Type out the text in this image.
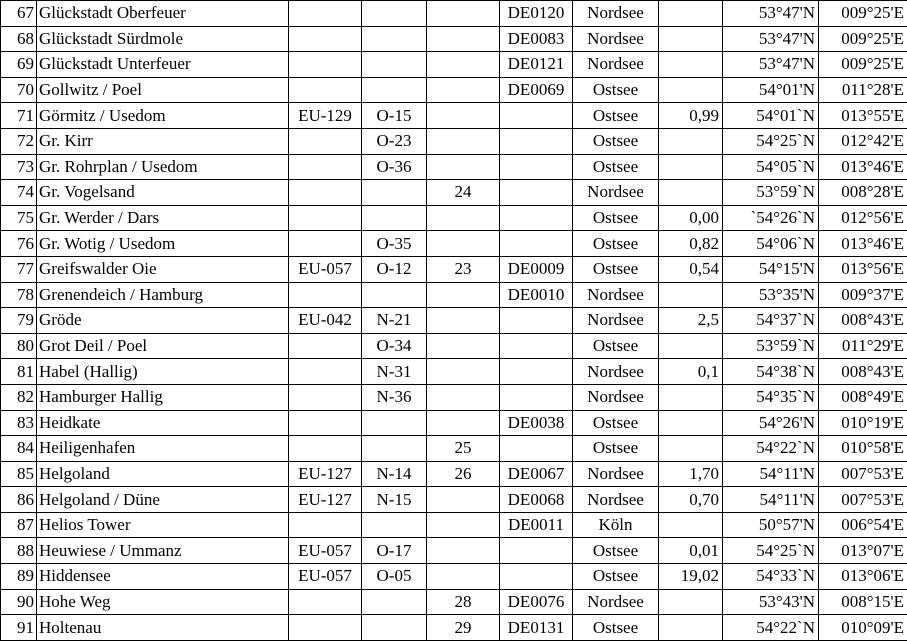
67	Glückstadt Oberfeuer				DE0120	Nordsee		53°47'N	009°25'E
68	Glückstadt Sürdmole				DE0083	Nordsee		53°47'N	009°25'E
69	Glückstadt Unterfeuer				DE0121	Nordsee		53°47'N	009°25'E
70	Gollwitz / Poel				DE0069	Ostsee		54°01'N	011°28'E
71	Görmitz / Usedom	EU-129	O-15			Ostsee	0,99	54°01`N	013°55'E
72	Gr. Kirr		O-23			Ostsee		54°25`N	012°42'E
73	Gr. Rohrplan / Usedom		O-36			Ostsee		54°05`N	013°46'E
74	Gr. Vogelsand			24		Nordsee		53°59`N	008°28'E
75	Gr. Werder / Dars					Ostsee	0,00	`54°26`N	012°56'E
76	Gr. Wotig / Usedom		O-35			Ostsee	0,82	54°06`N	013°46'E
77	Greifswalder Oie	EU-057	O-12	23	DE0009	Ostsee	0,54	54°15'N	013°56'E
78	Grenendeich / Hamburg				DE0010	Nordsee		53°35'N	009°37'E
79	Gröde	EU-042	N-21			Nordsee	2,5	54°37`N	008°43'E
80	Grot Deil / Poel		O-34			Ostsee		53°59`N	011°29'E
81	Habel (Hallig)		N-31			Nordsee	0,1	54°38`N	008°43'E
82	Hamburger Hallig		N-36			Nordsee		54°35`N	008°49'E
83	Heidkate				DE0038	Ostsee		54°26'N	010°19'E
84	Heiligenhafen			25		Ostsee		54°22`N	010°58'E
85	Helgoland	EU-127	N-14	26	DE0067	Nordsee	1,70	54°11'N	007°53'E
86	Helgoland / Düne	EU-127	N-15		DE0068	Nordsee	0,70	54°11'N	007°53'E
87	Helios Tower				DE0011	Köln		50°57'N	006°54'E
88	Heuwiese / Ummanz	EU-057	O-17			Ostsee	0,01	54°25`N	013°07'E
89	Hiddensee	EU-057	O-05			Ostsee	19,02	54°33`N	013°06'E
90	Hohe Weg			28	DE0076	Nordsee		53°43'N	008°15'E
91	Holtenau			29	DE0131	Ostsee		54°22`N	010°09'E
